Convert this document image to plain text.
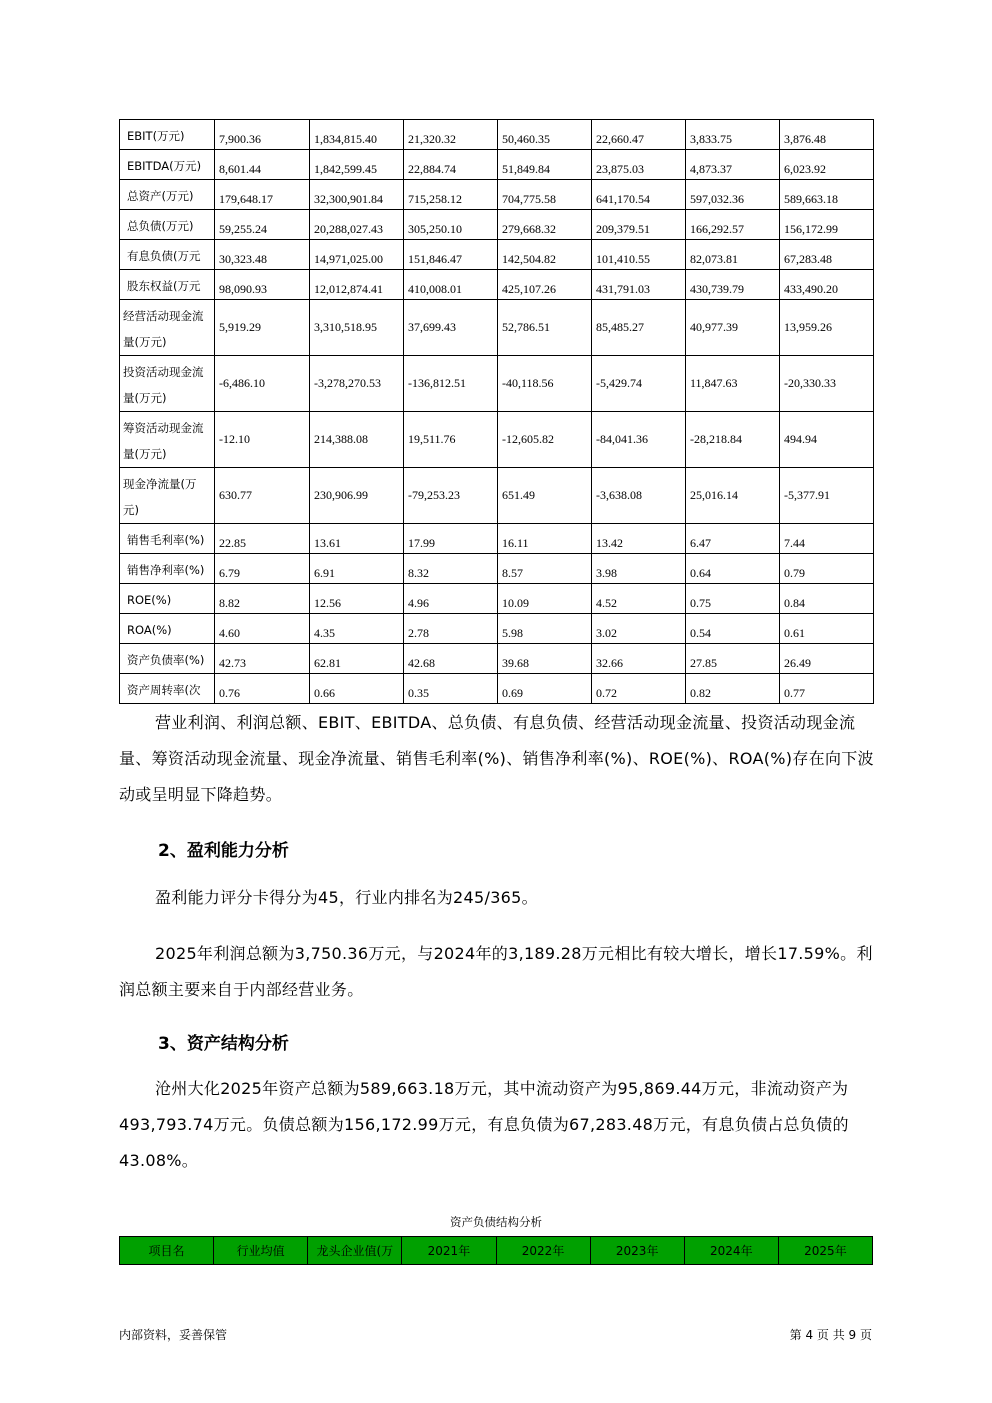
EBIT(万元)	7,900.36	1,834,815.40	21,320.32	50,460.35	22,660.47	3,833.75	3,876.48
EBITDA(万元)	8,601.44	1,842,599.45	22,884.74	51,849.84	23,875.03	4,873.37	6,023.92
总资产(万元)	179,648.17	32,300,901.84	715,258.12	704,775.58	641,170.54	597,032.36	589,663.18
总负债(万元)	59,255.24	20,288,027.43	305,250.10	279,668.32	209,379.51	166,292.57	156,172.99
有息负债(万元	30,323.48	14,971,025.00	151,846.47	142,504.82	101,410.55	82,073.81	67,283.48
股东权益(万元	98,090.93	12,012,874.41	410,008.01	425,107.26	431,791.03	430,739.79	433,490.20
经营活动现金流量(万元)	5,919.29	3,310,518.95	37,699.43	52,786.51	85,485.27	40,977.39	13,959.26
投资活动现金流量(万元)	-6,486.10	-3,278,270.53	-136,812.51	-40,118.56	-5,429.74	11,847.63	-20,330.33
筹资活动现金流量(万元)	-12.10	214,388.08	19,511.76	-12,605.82	-84,041.36	-28,218.84	494.94
现金净流量(万元)	630.77	230,906.99	-79,253.23	651.49	-3,638.08	25,016.14	-5,377.91
销售毛利率(%)	22.85	13.61	17.99	16.11	13.42	6.47	7.44
销售净利率(%)	6.79	6.91	8.32	8.57	3.98	0.64	0.79
ROE(%)	8.82	12.56	4.96	10.09	4.52	0.75	0.84
ROA(%)	4.60	4.35	2.78	5.98	3.02	0.54	0.61
资产负债率(%)	42.73	62.81	42.68	39.68	32.66	27.85	26.49
资产周转率(次	0.76	0.66	0.35	0.69	0.72	0.82	0.77

营业利润、利润总额、EBIT、EBITDA、总负债、有息负债、经营活动现金流量、投资活动现金流量、筹资活动现金流量、现金净流量、销售毛利率(%)、销售净利率(%)、ROE(%)、ROA(%)存在向下波动或呈明显下降趋势。

2、盈利能力分析

盈利能力评分卡得分为45，行业内排名为245/365。

2025年利润总额为3,750.36万元，与2024年的3,189.28万元相比有较大增长，增长17.59%。利润总额主要来自于内部经营业务。

3、资产结构分析

沧州大化2025年资产总额为589,663.18万元，其中流动资产为95,869.44万元，非流动资产为493,793.74万元。负债总额为156,172.99万元，有息负债为67,283.48万元，有息负债占总负债的43.08%。

资产负债结构分析
项目名	行业均值	龙头企业值(万	2021年	2022年	2023年	2024年	2025年
内部资料，妥善保管	第 4 页 共 9 页
